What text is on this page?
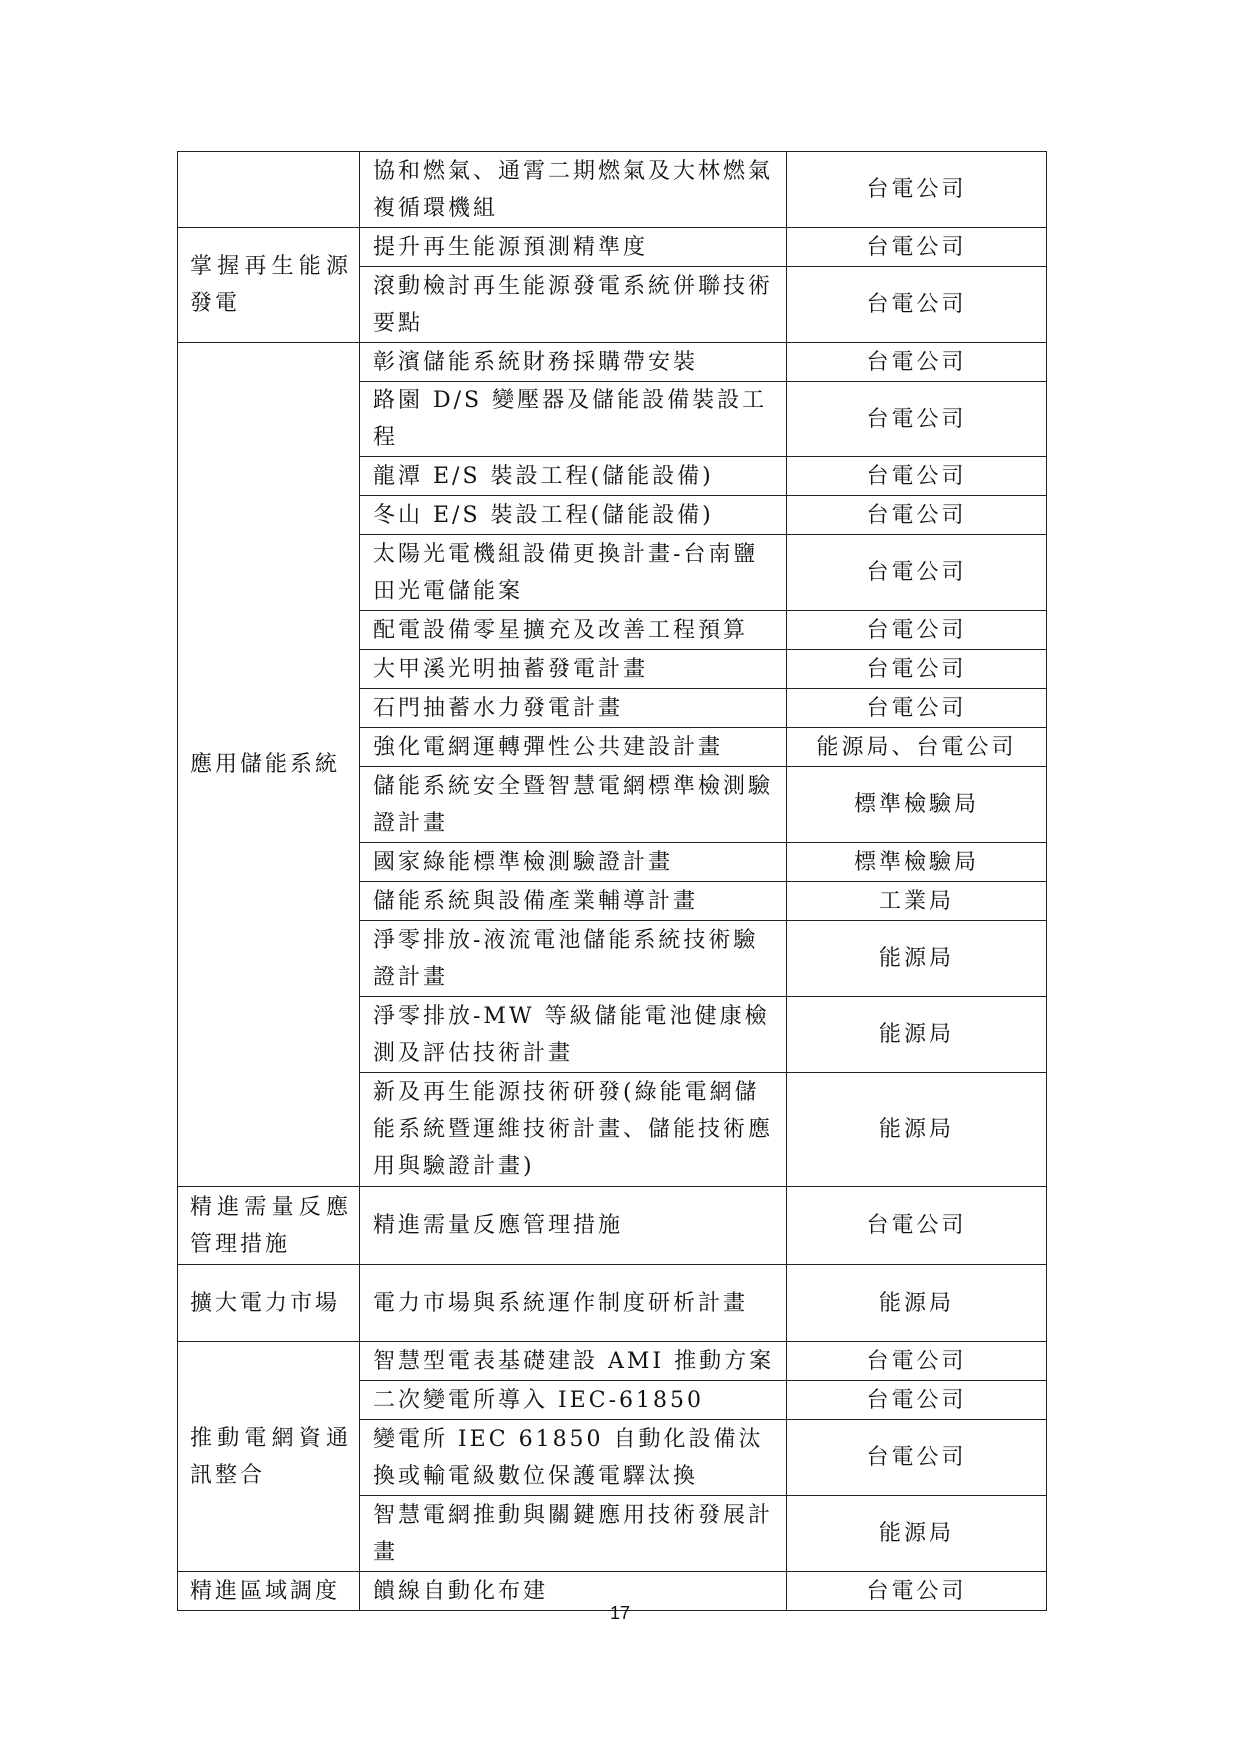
	協和燃氣、通霄二期燃氣及大林燃氣複循環機組	台電公司
掌握再生能源發電	提升再生能源預測精準度	台電公司
	滾動檢討再生能源發電系統併聯技術要點	台電公司
應用儲能系統	彰濱儲能系統財務採購帶安裝	台電公司
	路園 D/S 變壓器及儲能設備裝設工程	台電公司
	龍潭 E/S 裝設工程(儲能設備)	台電公司
	冬山 E/S 裝設工程(儲能設備)	台電公司
	太陽光電機組設備更換計畫-台南鹽田光電儲能案	台電公司
	配電設備零星擴充及改善工程預算	台電公司
	大甲溪光明抽蓄發電計畫	台電公司
	石門抽蓄水力發電計畫	台電公司
	強化電網運轉彈性公共建設計畫	能源局、台電公司
	儲能系統安全暨智慧電網標準檢測驗證計畫	標準檢驗局
	國家綠能標準檢測驗證計畫	標準檢驗局
	儲能系統與設備產業輔導計畫	工業局
	淨零排放-液流電池儲能系統技術驗證計畫	能源局
	淨零排放-MW 等級儲能電池健康檢測及評估技術計畫	能源局
	新及再生能源技術研發(綠能電網儲能系統暨運維技術計畫、儲能技術應用與驗證計畫)	能源局
精進需量反應管理措施	精進需量反應管理措施	台電公司
擴大電力市場	電力市場與系統運作制度研析計畫	能源局
推動電網資通訊整合	智慧型電表基礎建設 AMI 推動方案	台電公司
	二次變電所導入 IEC-61850	台電公司
	變電所 IEC 61850 自動化設備汰換或輸電級數位保護電驛汰換	台電公司
	智慧電網推動與關鍵應用技術發展計畫	能源局
精進區域調度	饋線自動化布建	台電公司
17
